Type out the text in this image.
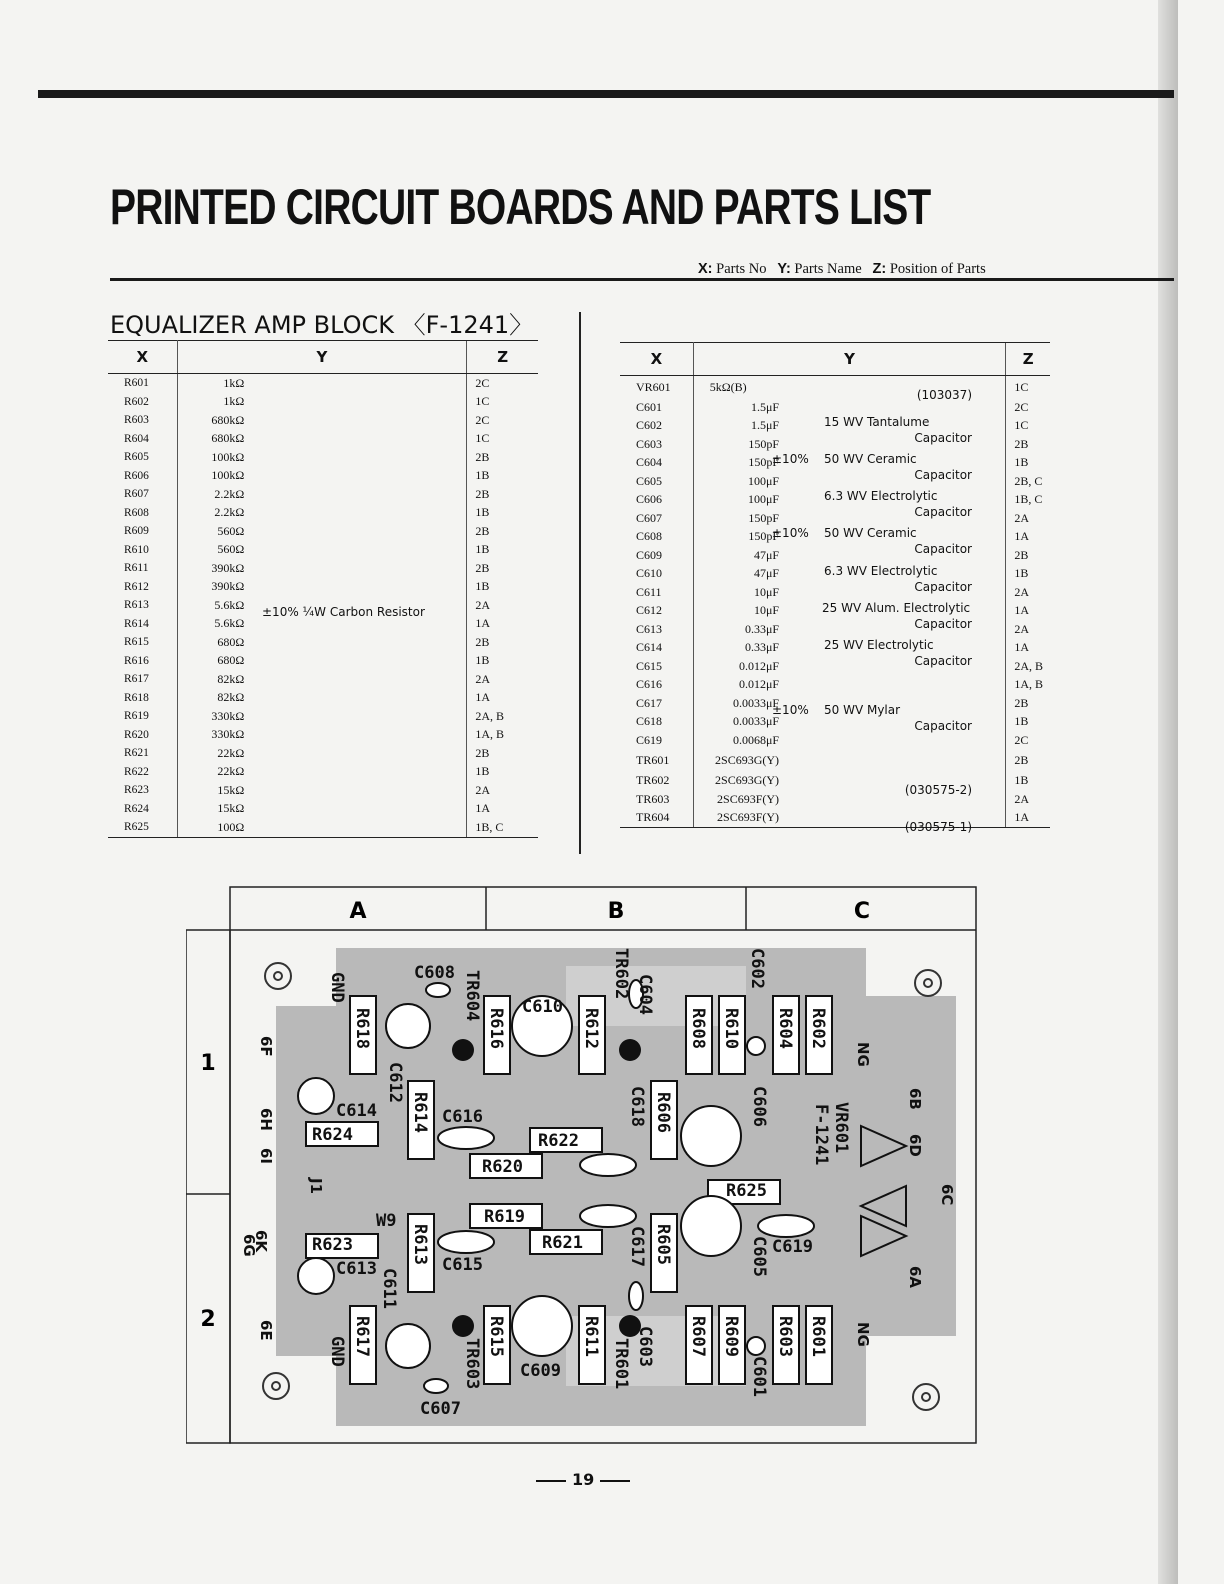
PRINTED CIRCUIT BOARDS AND PARTS LIST
X: Parts No Y: Parts Name Z: Position of Parts
EQUALIZER AMP BLOCK 〈F-1241〉
X	Y		Z
R601	1kΩ		2C
R602	1kΩ		1C
R603	680kΩ		2C
R604	680kΩ		1C
R605	100kΩ		2B
R606	100kΩ		1B
R607	2.2kΩ		2B
R608	2.2kΩ		1B
R609	560Ω		2B
R610	560Ω		1B
R611	390kΩ		2B
R612	390kΩ		1B
R613	5.6kΩ		2A
R614	5.6kΩ		1A
R615	680Ω		2B
R616	680Ω		1B
R617	82kΩ		2A
R618	82kΩ		1A
R619	330kΩ		2A, B
R620	330kΩ		1A, B
R621	22kΩ		2B
R622	22kΩ		1B
R623	15kΩ		2A
R624	15kΩ		1A
R625	100Ω		1B, C
±10% ¼W Carbon Resistor
X	Y		Z
VR601	5kΩ(B)		1C
C601	1.5μF		2C
C602	1.5μF		1C
C603	150pF		2B
C604	150pF		1B
C605	100μF		2B, C
C606	100μF		1B, C
C607	150pF		2A
C608	150pF		1A
C609	47μF		2B
C610	47μF		1B
C611	10μF		2A
C612	10μF		1A
C613	0.33μF		2A
C614	0.33μF		1A
C615	0.012μF		2A, B
C616	0.012μF		1A, B
C617	0.0033μF		2B
C618	0.0033μF		1B
C619	0.0068μF		2C
TR601	2SC693G(Y)		2B
TR602	2SC693G(Y)		1B
TR603	2SC693F(Y)		2A
TR604	2SC693F(Y)		1A
(103037)
15 WV Tantalume
Capacitor
±10% 50 WV Ceramic
Capacitor
6.3 WV Electrolytic
Capacitor
±10% 50 WV Ceramic
Capacitor
6.3 WV Electrolytic
Capacitor
25 WV Alum. Electrolytic
Capacitor
25 WV Electrolytic
Capacitor
±10% 50 WV Mylar
Capacitor
(030575-2)
(030575-1)
A	B	C
1
2
C608 TR604
R616
C610
R612
TR602 C604
R608 R610
C602
R604 R602
R618
GND
C612
C614 R614 C616
R622
R606
C618	C606
R624
R620
R625
VR601
F-1241
R619
R621	R605
C617	C619
C605
R623
C613 C611
W9
R613
C615
R617
GND	R615
TR603 C609
R611
TR601 C603 R607 R609 R603
C601
R601
C607
6F
6H
6I
J1
6K
6G
6E
6B
6D
6C
6A
NG
NG
19
